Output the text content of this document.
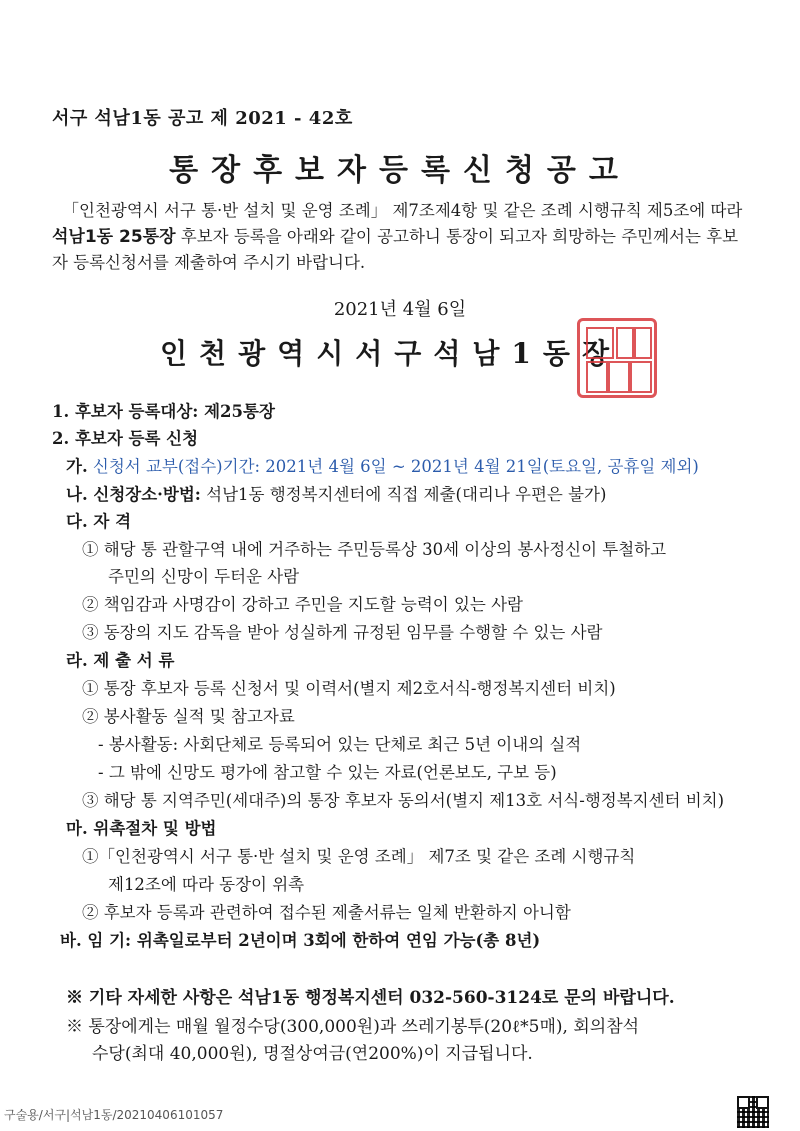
서구 석남1동 공고 제 2021 - 42호
통장후보자등록신청공고
「인천광역시 서구 통·반 설치 및 운영 조례」 제7조제4항 및 같은 조례 시행규칙 제5조에 따라 석남1동 25통장 후보자 등록을 아래와 같이 공고하니 통장이 되고자 희망하는 주민께서는 후보자 등록신청서를 제출하여 주시기 바랍니다.
2021년 4월 6일
인천광역시서구석남1동장
1. 후보자 등록대상: 제25통장
2. 후보자 등록 신청
가. 신청서 교부(접수)기간: 2021년 4월 6일 ~ 2021년 4월 21일(토요일, 공휴일 제외)
나. 신청장소·방법: 석남1동 행정복지센터에 직접 제출(대리나 우편은 불가)
다. 자 격
① 해당 통 관할구역 내에 거주하는 주민등록상 30세 이상의 봉사정신이 투철하고
주민의 신망이 두터운 사람
② 책임감과 사명감이 강하고 주민을 지도할 능력이 있는 사람
③ 동장의 지도 감독을 받아 성실하게 규정된 임무를 수행할 수 있는 사람
라. 제 출 서 류
① 통장 후보자 등록 신청서 및 이력서(별지 제2호서식-행정복지센터 비치)
② 봉사활동 실적 및 참고자료
- 봉사활동: 사회단체로 등록되어 있는 단체로 최근 5년 이내의 실적
- 그 밖에 신망도 평가에 참고할 수 있는 자료(언론보도, 구보 등)
③ 해당 통 지역주민(세대주)의 통장 후보자 동의서(별지 제13호 서식-행정복지센터 비치)
마. 위촉절차 및 방법
①「인천광역시 서구 통·반 설치 및 운영 조례」 제7조 및 같은 조례 시행규칙
제12조에 따라 동장이 위촉
② 후보자 등록과 관련하여 접수된 제출서류는 일체 반환하지 아니함
바. 임 기: 위촉일로부터 2년이며 3회에 한하여 연임 가능(총 8년)
※ 기타 자세한 사항은 석남1동 행정복지센터 032-560-3124로 문의 바랍니다.
※ 통장에게는 매월 월정수당(300,000원)과 쓰레기봉투(20ℓ*5매), 회의참석
수당(최대 40,000원), 명절상여금(연200%)이 지급됩니다.
구술용/서구|석남1동/20210406101057
